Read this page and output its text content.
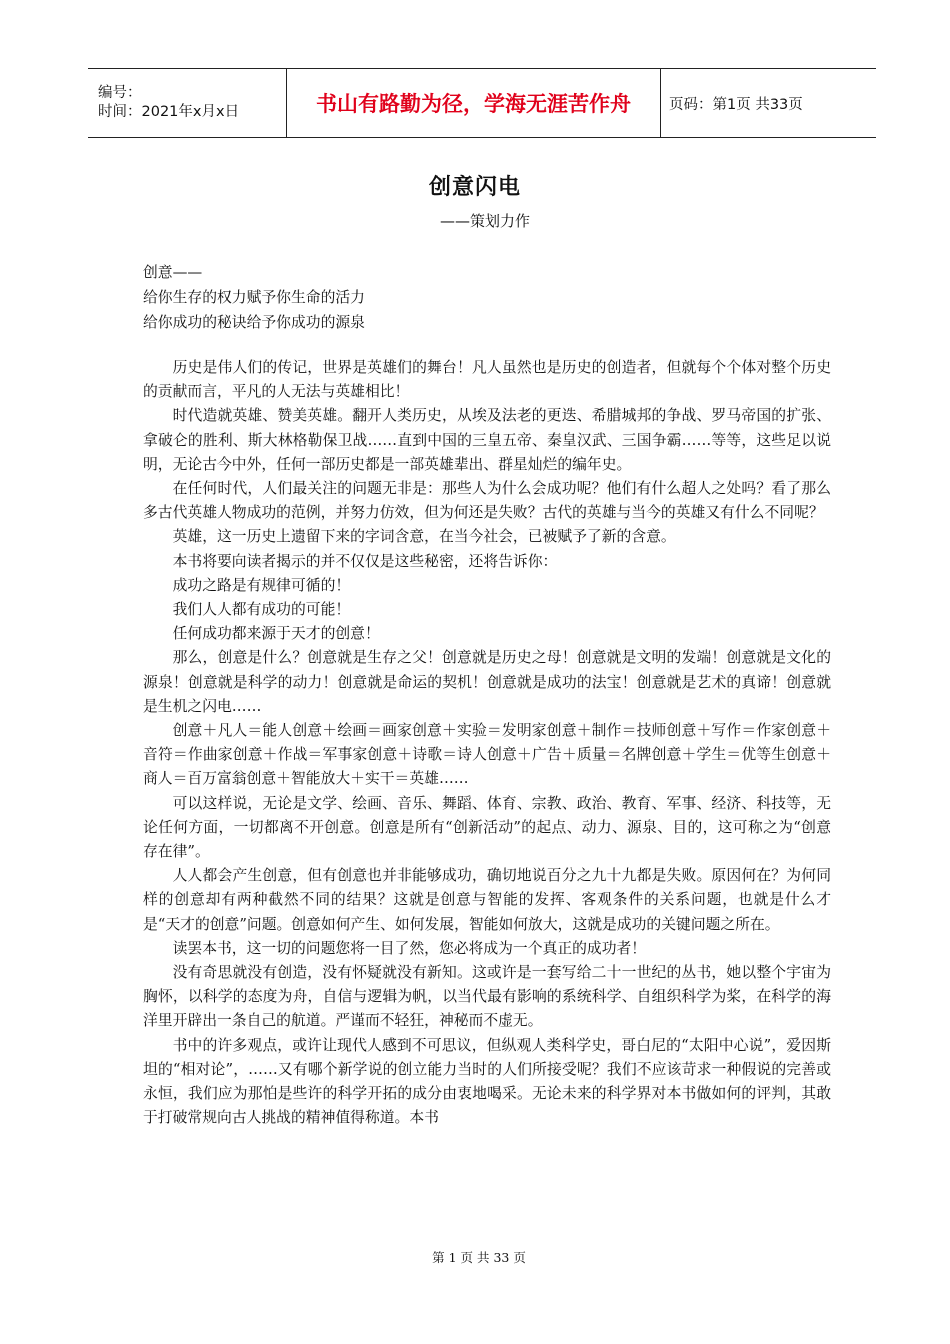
编号：
时间：2021年x月x日	书山有路勤为径，学海无涯苦作舟	页码：第1页 共33页
创意闪电
——策划力作
创意——
给你生存的权力赋予你生命的活力
给你成功的秘诀给予你成功的源泉

历史是伟人们的传记，世界是英雄们的舞台！凡人虽然也是历史的创造者，但就每个个体对整个历史的贡献而言，平凡的人无法与英雄相比！

时代造就英雄、赞美英雄。翻开人类历史，从埃及法老的更迭、希腊城邦的争战、罗马帝国的扩张、拿破仑的胜利、斯大林格勒保卫战……直到中国的三皇五帝、秦皇汉武、三国争霸……等等，这些足以说明，无论古今中外，任何一部历史都是一部英雄辈出、群星灿烂的编年史。

在任何时代，人们最关注的问题无非是：那些人为什么会成功呢？他们有什么超人之处吗？看了那么多古代英雄人物成功的范例，并努力仿效，但为何还是失败？古代的英雄与当今的英雄又有什么不同呢？

英雄，这一历史上遗留下来的字词含意，在当今社会，已被赋予了新的含意。

本书将要向读者揭示的并不仅仅是这些秘密，还将告诉你：

成功之路是有规律可循的！

我们人人都有成功的可能！

任何成功都来源于天才的创意！

那么，创意是什么？创意就是生存之父！创意就是历史之母！创意就是文明的发端！创意就是文化的源泉！创意就是科学的动力！创意就是命运的契机！创意就是成功的法宝！创意就是艺术的真谛！创意就是生机之闪电……

创意＋凡人＝能人创意＋绘画＝画家创意＋实验＝发明家创意＋制作＝技师创意＋写作＝作家创意＋音符＝作曲家创意＋作战＝军事家创意＋诗歌＝诗人创意＋广告＋质量＝名牌创意＋学生＝优等生创意＋商人＝百万富翁创意＋智能放大＋实干＝英雄……

可以这样说，无论是文学、绘画、音乐、舞蹈、体育、宗教、政治、教育、军事、经济、科技等，无论任何方面，一切都离不开创意。创意是所有“创新活动”的起点、动力、源泉、目的，这可称之为“创意存在律”。

人人都会产生创意，但有创意也并非能够成功，确切地说百分之九十九都是失败。原因何在？为何同样的创意却有两种截然不同的结果？这就是创意与智能的发挥、客观条件的关系问题，也就是什么才是“天才的创意”问题。创意如何产生、如何发展，智能如何放大，这就是成功的关键问题之所在。

读罢本书，这一切的问题您将一目了然，您必将成为一个真正的成功者！

没有奇思就没有创造，没有怀疑就没有新知。这或许是一套写给二十一世纪的丛书，她以整个宇宙为胸怀，以科学的态度为舟，自信与逻辑为帆，以当代最有影响的系统科学、自组织科学为桨，在科学的海洋里开辟出一条自己的航道。严谨而不轻狂，神秘而不虚无。

书中的许多观点，或许让现代人感到不可思议，但纵观人类科学史，哥白尼的“太阳中心说”，爱因斯坦的“相对论”，……又有哪个新学说的创立能力当时的人们所接受呢？我们不应该苛求一种假说的完善或永恒，我们应为那怕是些许的科学开拓的成分由衷地喝采。无论未来的科学界对本书做如何的评判，其敢于打破常规向古人挑战的精神值得称道。本书

第 1 页 共 33 页
